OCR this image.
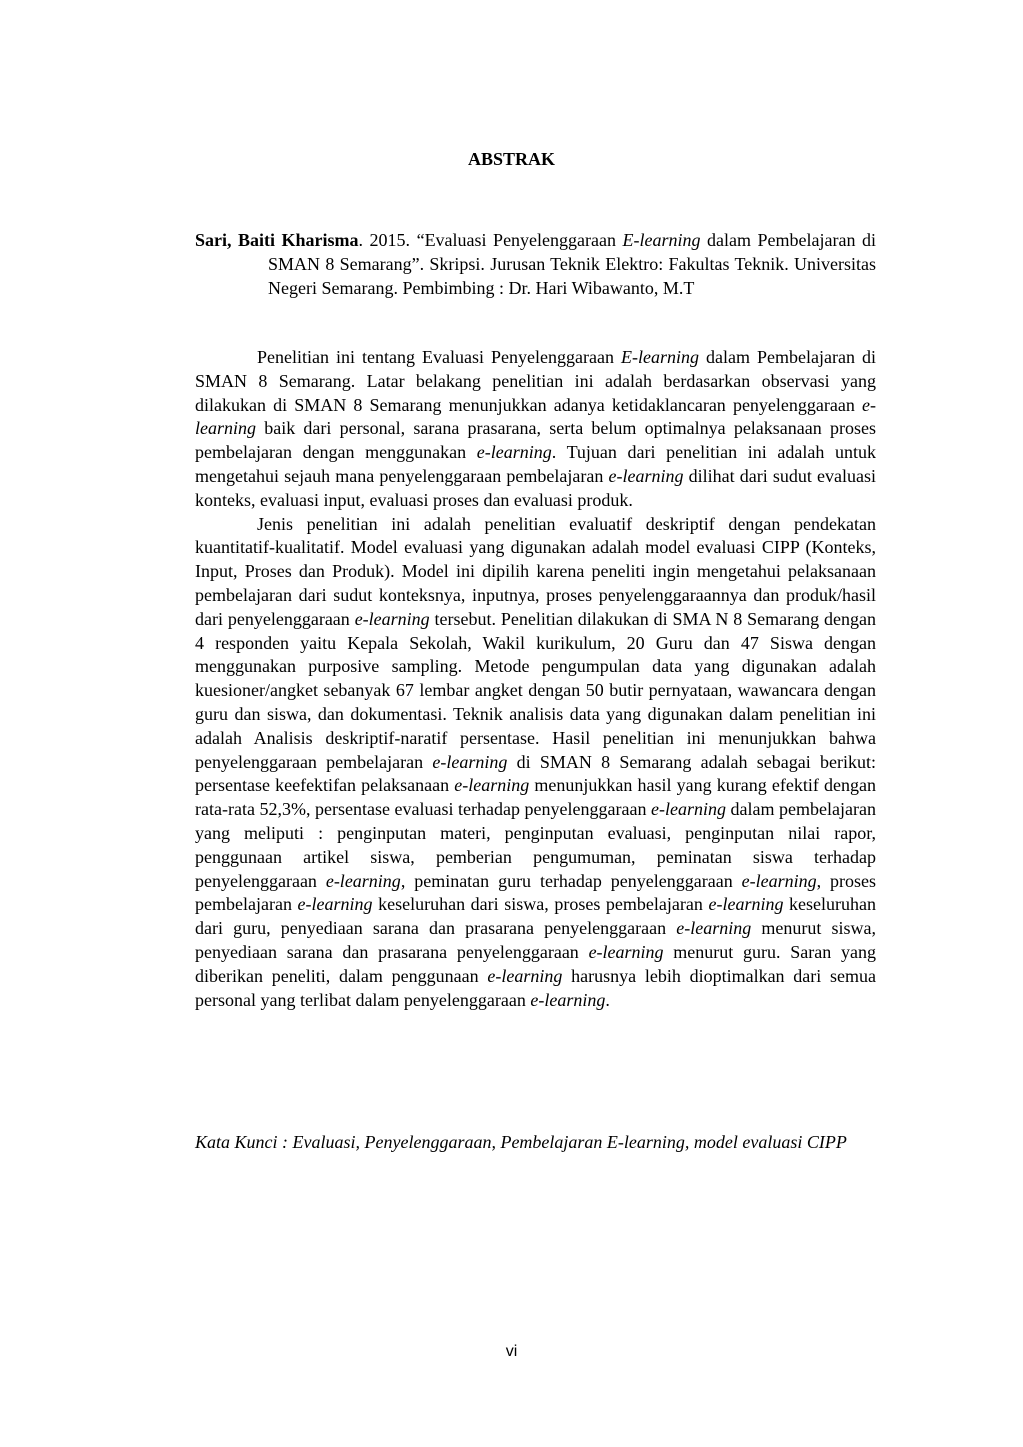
ABSTRAK
Sari, Baiti Kharisma. 2015. “Evaluasi Penyelenggaraan E-learning dalam Pembelajaran di SMAN 8 Semarang”. Skripsi. Jurusan Teknik Elektro: Fakultas Teknik. Universitas Negeri Semarang. Pembimbing : Dr. Hari Wibawanto, M.T

Penelitian ini tentang Evaluasi Penyelenggaraan E-learning dalam Pembelajaran di SMAN 8 Semarang. Latar belakang penelitian ini adalah berdasarkan observasi yang dilakukan di SMAN 8 Semarang menunjukkan adanya ketidaklancaran penyelenggaraan e-learning baik dari personal, sarana prasarana, serta belum optimalnya pelaksanaan proses pembelajaran dengan menggunakan e-learning. Tujuan dari penelitian ini adalah untuk mengetahui sejauh mana penyelenggaraan pembelajaran e-learning dilihat dari sudut evaluasi konteks, evaluasi input, evaluasi proses dan evaluasi produk.

Jenis penelitian ini adalah penelitian evaluatif deskriptif dengan pendekatan kuantitatif-kualitatif. Model evaluasi yang digunakan adalah model evaluasi CIPP (Konteks, Input, Proses dan Produk). Model ini dipilih karena peneliti ingin mengetahui pelaksanaan pembelajaran dari sudut konteksnya, inputnya, proses penyelenggaraannya dan produk/hasil dari penyelenggaraan e-learning tersebut. Penelitian dilakukan di SMA N 8 Semarang dengan 4 responden yaitu Kepala Sekolah, Wakil kurikulum, 20 Guru dan 47 Siswa dengan menggunakan purposive sampling. Metode pengumpulan data yang digunakan adalah kuesioner/angket sebanyak 67 lembar angket dengan 50 butir pernyataan, wawancara dengan guru dan siswa, dan dokumentasi. Teknik analisis data yang digunakan dalam penelitian ini adalah Analisis deskriptif-naratif persentase. Hasil penelitian ini menunjukkan bahwa penyelenggaraan pembelajaran e-learning di SMAN 8 Semarang adalah sebagai berikut: persentase keefektifan pelaksanaan e-learning menunjukkan hasil yang kurang efektif dengan rata-rata 52,3%, persentase evaluasi terhadap penyelenggaraan e-learning dalam pembelajaran yang meliputi : penginputan materi, penginputan evaluasi, penginputan nilai rapor, penggunaan artikel siswa, pemberian pengumuman, peminatan siswa terhadap penyelenggaraan e-learning, peminatan guru terhadap penyelenggaraan e-learning, proses pembelajaran e-learning keseluruhan dari siswa, proses pembelajaran e-learning keseluruhan dari guru, penyediaan sarana dan prasarana penyelenggaraan e-learning menurut siswa, penyediaan sarana dan prasarana penyelenggaraan e-learning menurut guru. Saran yang diberikan peneliti, dalam penggunaan e-learning harusnya lebih dioptimalkan dari semua personal yang terlibat dalam penyelenggaraan e-learning.

Kata Kunci : Evaluasi, Penyelenggaraan, Pembelajaran E-learning, model evaluasi CIPP
vi
